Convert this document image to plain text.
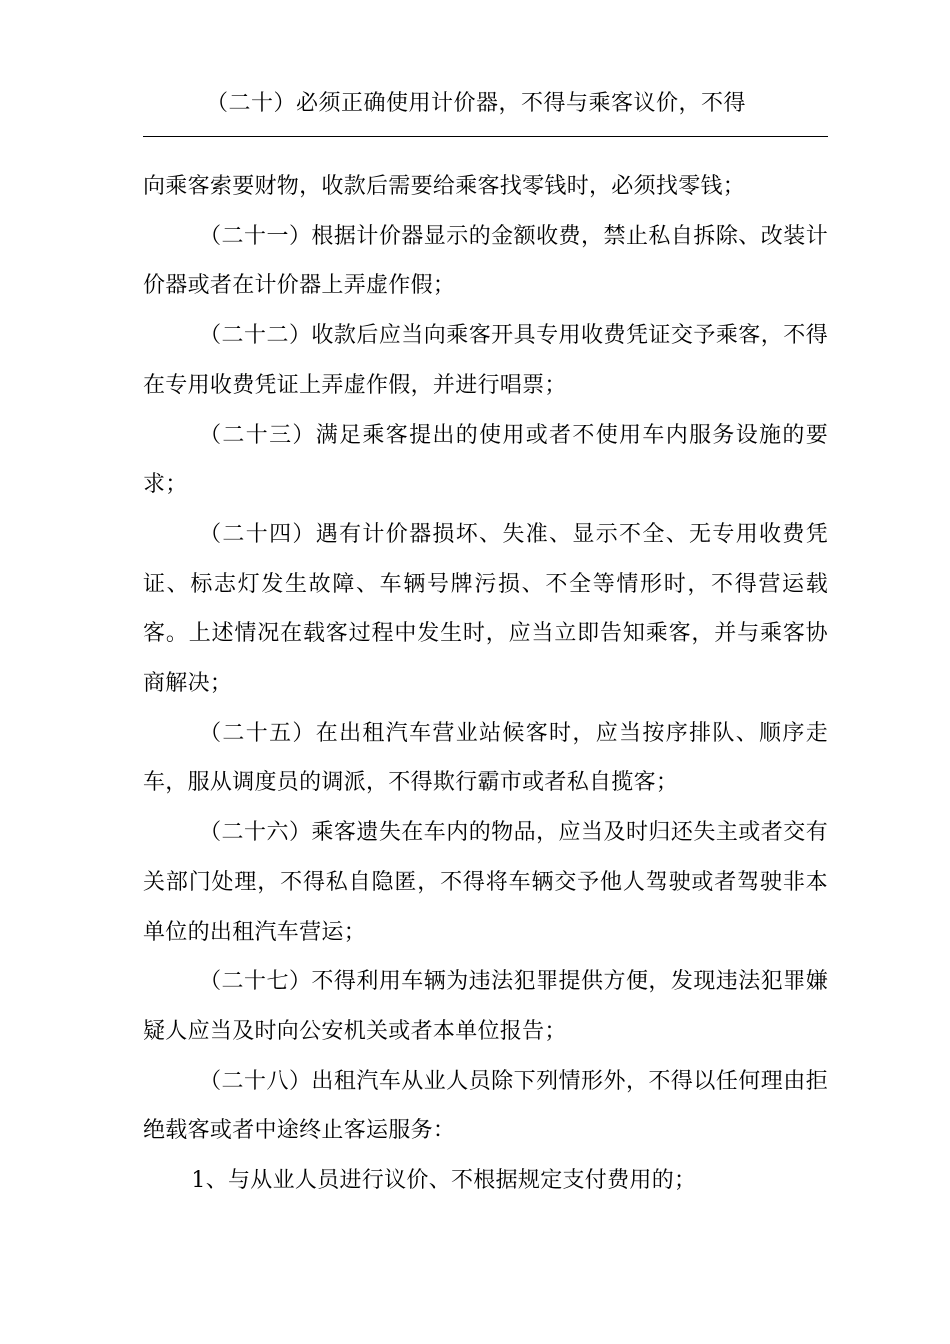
（二十）必须正确使用计价器，不得与乘客议价，不得

向乘客索要财物，收款后需要给乘客找零钱时，必须找零钱；

（二十一）根据计价器显示的金额收费，禁止私自拆除、改装计价器或者在计价器上弄虚作假；

（二十二）收款后应当向乘客开具专用收费凭证交予乘客，不得在专用收费凭证上弄虚作假，并进行唱票；

（二十三）满足乘客提出的使用或者不使用车内服务设施的要求；

（二十四）遇有计价器损坏、失准、显示不全、无专用收费凭证、标志灯发生故障、车辆号牌污损、不全等情形时，不得营运载客。上述情况在载客过程中发生时，应当立即告知乘客，并与乘客协商解决；

（二十五）在出租汽车营业站候客时，应当按序排队、顺序走车，服从调度员的调派，不得欺行霸市或者私自揽客；

（二十六）乘客遗失在车内的物品，应当及时归还失主或者交有关部门处理，不得私自隐匿，不得将车辆交予他人驾驶或者驾驶非本单位的出租汽车营运；

（二十七）不得利用车辆为违法犯罪提供方便，发现违法犯罪嫌疑人应当及时向公安机关或者本单位报告；

（二十八）出租汽车从业人员除下列情形外，不得以任何理由拒绝载客或者中途终止客运服务：

1、与从业人员进行议价、不根据规定支付费用的；
